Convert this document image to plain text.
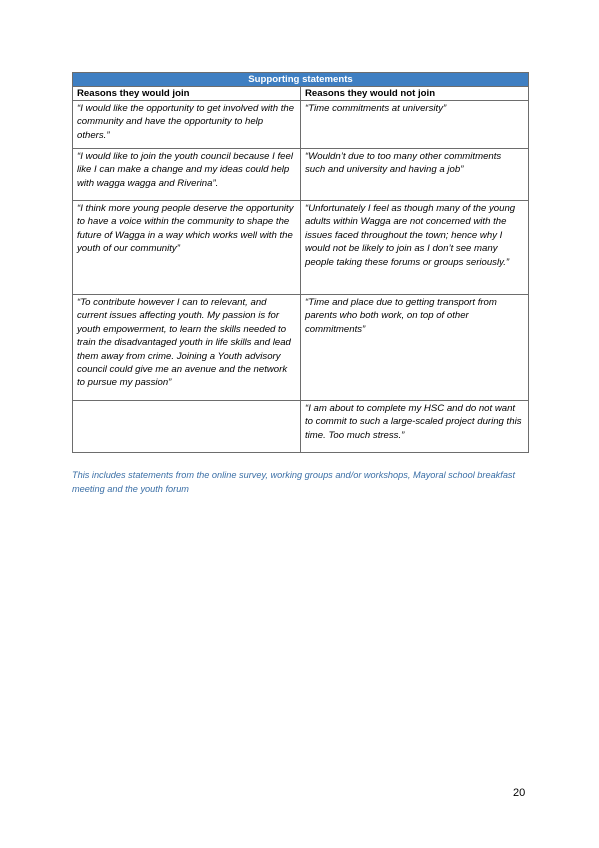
Supporting statements	
Reasons they would join	Reasons they would not join
“I would like the opportunity to get involved with the community and have the opportunity to help others.”	“Time commitments at university”
“I would like to join the youth council because I feel like I can make a change and my ideas could help with wagga wagga and Riverina”.	“Wouldn’t due to too many other commitments such and university and having a job”
“I think more young people deserve the opportunity to have a voice within the community to shape the future of Wagga in a way which works well with the youth of our community”	“Unfortunately I feel as though many of the young adults within Wagga are not concerned with the issues faced throughout the town; hence why I would not be likely to join as I don’t see many people taking these forums or groups seriously.”
“To contribute however I can to relevant, and current issues affecting youth. My passion is for youth empowerment, to learn the skills needed to train the disadvantaged youth in life skills and lead them away from crime. Joining a Youth advisory council could give me an avenue and the network to pursue my passion”	“Time and place due to getting transport from parents who both work, on top of other commitments”
	“I am about to complete my HSC and do not want to commit to such a large-scaled project during this time. Too much stress.”
This includes statements from the online survey, working groups and/or workshops, Mayoral school breakfast meeting and the youth forum
20
